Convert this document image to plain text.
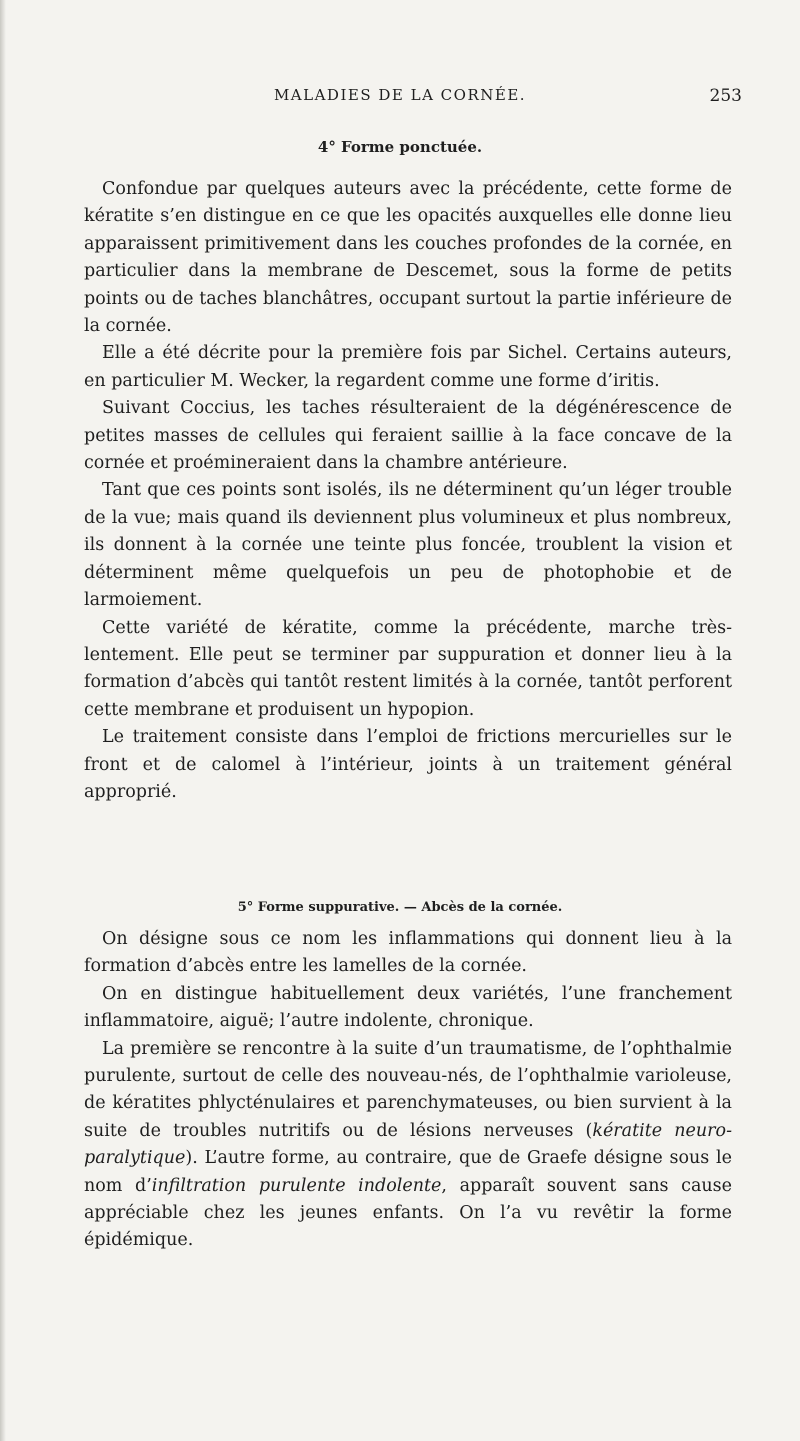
MALADIES DE LA CORNÉE.	253
4° Forme ponctuée.

Confondue par quelques auteurs avec la précédente, cette forme de kératite s’en distingue en ce que les opacités auxquelles elle donne lieu apparaissent primitivement dans les couches profondes de la cornée, en particulier dans la membrane de Descemet, sous la forme de petits points ou de taches blanchâtres, occupant surtout la partie inférieure de la cornée.

Elle a été décrite pour la première fois par Sichel. Certains auteurs, en particulier M. Wecker, la regardent comme une forme d’iritis.

Suivant Coccius, les taches résulteraient de la dégénérescence de petites masses de cellules qui feraient saillie à la face concave de la cornée et proémineraient dans la chambre antérieure.

Tant que ces points sont isolés, ils ne déterminent qu’un léger trouble de la vue; mais quand ils deviennent plus volumineux et plus nombreux, ils donnent à la cornée une teinte plus foncée, troublent la vision et déterminent même quelquefois un peu de photophobie et de larmoiement.

Cette variété de kératite, comme la précédente, marche très-lentement. Elle peut se terminer par suppuration et donner lieu à la formation d’abcès qui tantôt restent limités à la cornée, tantôt perforent cette membrane et produisent un hypopion.

Le traitement consiste dans l’emploi de frictions mercurielles sur le front et de calomel à l’intérieur, joints à un traitement général approprié.

5° Forme suppurative. — Abcès de la cornée.

On désigne sous ce nom les inflammations qui donnent lieu à la formation d’abcès entre les lamelles de la cornée.

On en distingue habituellement deux variétés, l’une franchement inflammatoire, aiguë; l’autre indolente, chronique.

La première se rencontre à la suite d’un traumatisme, de l’ophthalmie purulente, surtout de celle des nouveau-nés, de l’ophthalmie varioleuse, de kératites phlycténulaires et parenchymateuses, ou bien survient à la suite de troubles nutritifs ou de lésions nerveuses (kératite neuro-paralytique). L’autre forme, au contraire, que de Graefe désigne sous le nom d’infiltration purulente indolente, apparaît souvent sans cause appréciable chez les jeunes enfants. On l’a vu revêtir la forme épidémique.
